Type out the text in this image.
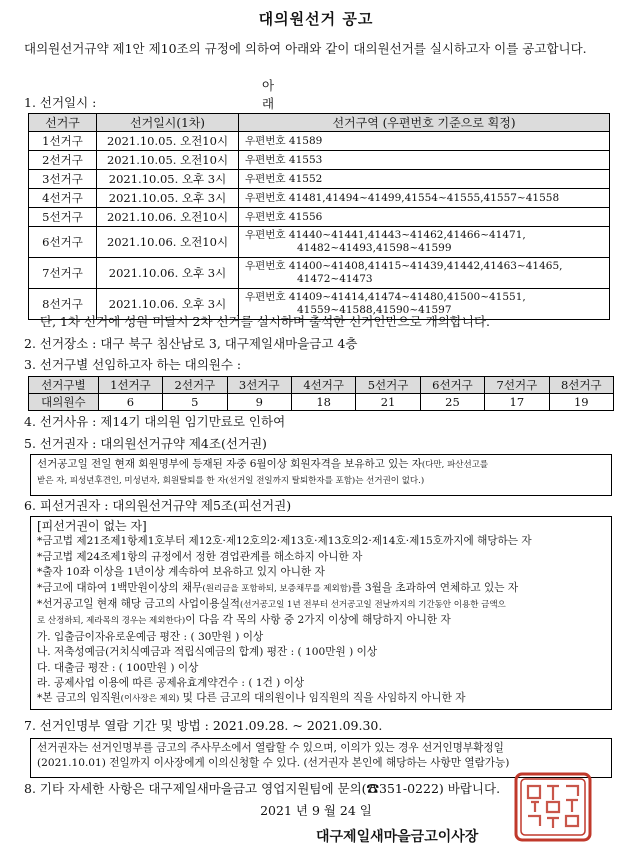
대의원선거 공고
대의원선거규약 제1안 제10조의 규정에 의하여 아래와 같이 대의원선거를 실시하고자 이를 공고합니다.
아 래
1. 선거일시 :
선거구	선거일시(1차)	선거구역 (우편번호 기준으로 획정)
1선거구	2021.10.05. 오전10시	우편번호 41589
2선거구	2021.10.05. 오전10시	우편번호 41553
3선거구	2021.10.05. 오후 3시	우편번호 41552
4선거구	2021.10.05. 오후 3시	우편번호 41481,41494~41499,41554~41555,41557~41558
5선거구	2021.10.06. 오전10시	우편번호 41556
6선거구	2021.10.06. 오전10시	우편번호 41440~41441,41443~41462,41466~41471,
41482~41493,41598~41599

7선거구	2021.10.06. 오후 3시	우편번호 41400~41408,41415~41439,41442,41463~41465,
41472~41473

8선거구	2021.10.06. 오후 3시	우편번호 41409~41414,41474~41480,41500~41551,
41559~41588,41590~41597
단, 1차 선거에 성원 미달시 2차 선거를 실시하며 출석한 선거인만으로 개의합니다.
2. 선거장소 : 대구 북구 침산남로 3, 대구제일새마을금고 4층
3. 선거구별 선임하고자 하는 대의원수 :
선거구별	1선거구	2선거구	3선거구	4선거구	5선거구	6선거구	7선거구	8선거구
대의원수	6	5	9	18	21	25	17	19
4. 선거사유 : 제14기 대의원 임기만료로 인하여
5. 선거권자 : 대의원선거규약 제4조(선거권)
선거공고일 전일 현재 회원명부에 등재된 자중 6월이상 회원자격을 보유하고 있는 자(다만, 파산선고를
받은 자, 피성년후견인, 미성년자, 회원탈퇴를 한 자(선거일 전일까지 탈퇴한자를 포함)는 선거권이 없다.)
6. 피선거권자 : 대의원선거규약 제5조(피선거권)
[피선거권이 없는 자]
*금고법 제21조제1항제1호부터 제12호·제12호의2·제13호·제13호의2·제14호·제15호까지에 해당하는 자
*금고법 제24조제1항의 규정에서 정한 겸업관계를 해소하지 아니한 자
*출자 10좌 이상을 1년이상 계속하여 보유하고 있지 아니한 자
*금고에 대하여 1백만원이상의 채무(원리금을 포함하되, 보증채무를 제외함)를 3월을 초과하여 연체하고 있는 자
*선거공고일 현재 해당 금고의 사업이용실적(선거공고일 1년 전부터 선거공고일 전날까지의 기간동안 이용한 금액으
로 산정하되, 제라목의 경우는 제외한다)이 다음 각 목의 사항 중 2가지 이상에 해당하지 아니한 자
가. 입출금이자유로운예금 평잔 : ( 30만원 ) 이상
나. 저축성예금(거치식예금과 적립식예금의 합계) 평잔 : ( 100만원 ) 이상
다. 대출금 평잔 : ( 100만원 ) 이상
라. 공제사업 이용에 따른 공제유효계약건수 : ( 1건 ) 이상
*본 금고의 임직원(이사장은 제외) 및 다른 금고의 대의원이나 임직원의 직을 사임하지 아니한 자
7. 선거인명부 열람 기간 및 방법 : 2021.09.28. ~ 2021.09.30.
선거권자는 선거인명부를 금고의 주사무소에서 열람할 수 있으며, 이의가 있는 경우 선거인명부확정일
(2021.10.01) 전일까지 이사장에게 이의신청할 수 있다. (선거권자 본인에 해당하는 사항만 열람가능)
8. 기타 자세한 사항은 대구제일새마을금고 영업지원팀에 문의(☎351-0222) 바랍니다.
2021 년 9 월 24 일
대구제일새마을금고이사장
